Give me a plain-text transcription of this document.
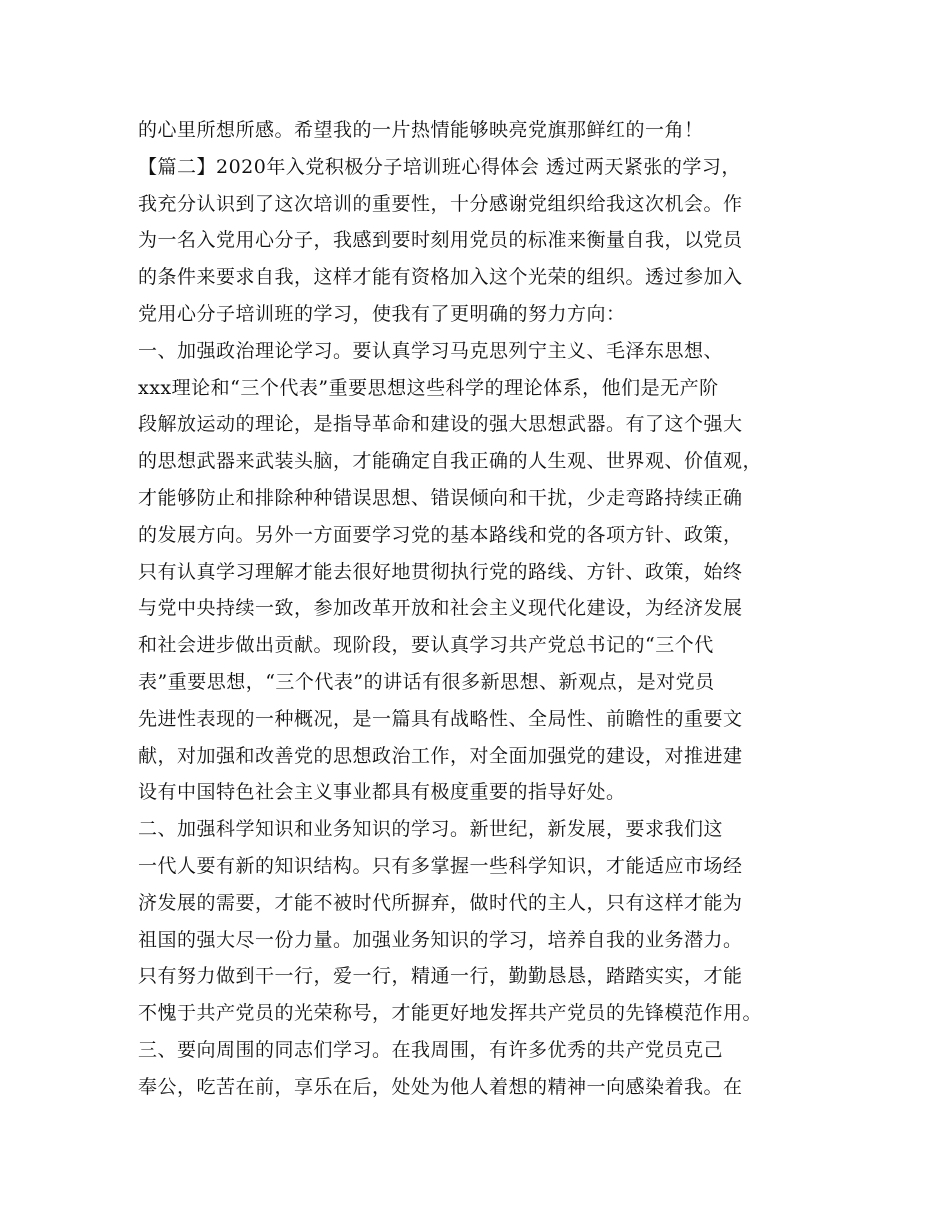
的心里所想所感。希望我的一片热情能够映亮党旗那鲜红的一角！
【篇二】2020年入党积极分子培训班心得体会 透过两天紧张的学习，
我充分认识到了这次培训的重要性，十分感谢党组织给我这次机会。作
为一名入党用心分子，我感到要时刻用党员的标准来衡量自我，以党员
的条件来要求自我，这样才能有资格加入这个光荣的组织。透过参加入
党用心分子培训班的学习，使我有了更明确的努力方向：
一、加强政治理论学习。要认真学习马克思列宁主义、毛泽东思想、
xxx理论和“三个代表”重要思想这些科学的理论体系，他们是无产阶
段解放运动的理论，是指导革命和建设的强大思想武器。有了这个强大
的思想武器来武装头脑，才能确定自我正确的人生观、世界观、价值观，
才能够防止和排除种种错误思想、错误倾向和干扰，少走弯路持续正确
的发展方向。另外一方面要学习党的基本路线和党的各项方针、政策，
只有认真学习理解才能去很好地贯彻执行党的路线、方针、政策，始终
与党中央持续一致，参加改革开放和社会主义现代化建设，为经济发展
和社会进步做出贡献。现阶段，要认真学习共产党总书记的“三个代
表”重要思想，“三个代表”的讲话有很多新思想、新观点，是对党员
先进性表现的一种概况，是一篇具有战略性、全局性、前瞻性的重要文
献，对加强和改善党的思想政治工作，对全面加强党的建设，对推进建
设有中国特色社会主义事业都具有极度重要的指导好处。
二、加强科学知识和业务知识的学习。新世纪，新发展，要求我们这
一代人要有新的知识结构。只有多掌握一些科学知识，才能适应市场经
济发展的需要，才能不被时代所摒弃，做时代的主人，只有这样才能为
祖国的强大尽一份力量。加强业务知识的学习，培养自我的业务潜力。
只有努力做到干一行，爱一行，精通一行，勤勤恳恳，踏踏实实，才能
不愧于共产党员的光荣称号，才能更好地发挥共产党员的先锋模范作用。
三、要向周围的同志们学习。在我周围，有许多优秀的共产党员克己
奉公，吃苦在前，享乐在后，处处为他人着想的精神一向感染着我。在
